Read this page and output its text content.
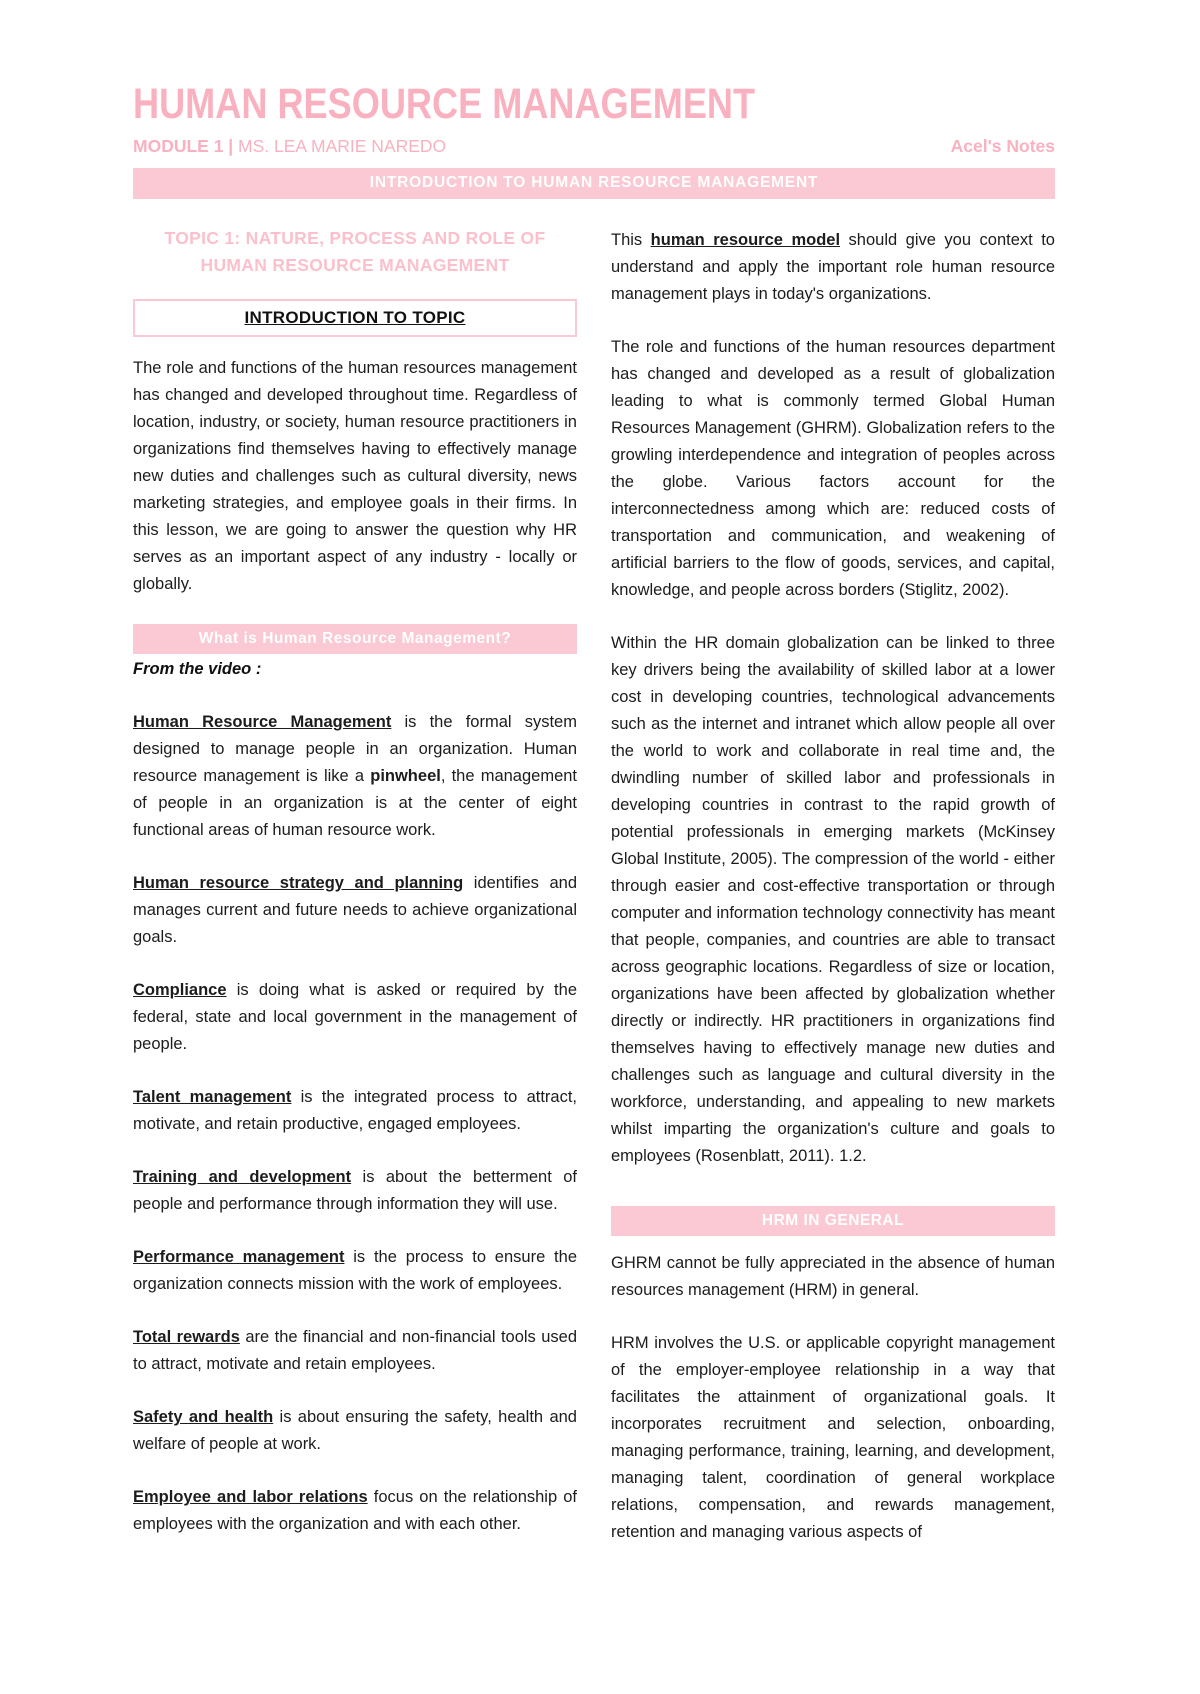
HUMAN RESOURCE MANAGEMENT
MODULE 1 | MS. LEA MARIE NAREDO	Acel's Notes
INTRODUCTION TO HUMAN RESOURCE MANAGEMENT
TOPIC 1: NATURE, PROCESS AND ROLE OF HUMAN RESOURCE MANAGEMENT
INTRODUCTION TO TOPIC

The role and functions of the human resources management has changed and developed throughout time. Regardless of location, industry, or society, human resource practitioners in organizations find themselves having to effectively manage new duties and challenges such as cultural diversity, news marketing strategies, and employee goals in their firms. In this lesson, we are going to answer the question why HR serves as an important aspect of any industry - locally or globally.

What is Human Resource Management?
From the video :

Human Resource Management is the formal system designed to manage people in an organization. Human resource management is like a pinwheel, the management of people in an organization is at the center of eight functional areas of human resource work.

Human resource strategy and planning identifies and manages current and future needs to achieve organizational goals.

Compliance is doing what is asked or required by the federal, state and local government in the management of people.

Talent management is the integrated process to attract, motivate, and retain productive, engaged employees.

Training and development is about the betterment of people and performance through information they will use.

Performance management is the process to ensure the organization connects mission with the work of employees.

Total rewards are the financial and non-financial tools used to attract, motivate and retain employees.

Safety and health is about ensuring the safety, health and welfare of people at work.

Employee and labor relations focus on the relationship of employees with the organization and with each other.

This human resource model should give you context to understand and apply the important role human resource management plays in today's organizations.

The role and functions of the human resources department has changed and developed as a result of globalization leading to what is commonly termed Global Human Resources Management (GHRM). Globalization refers to the growling interdependence and integration of peoples across the globe. Various factors account for the interconnectedness among which are: reduced costs of transportation and communication, and weakening of artificial barriers to the flow of goods, services, and capital, knowledge, and people across borders (Stiglitz, 2002).

Within the HR domain globalization can be linked to three key drivers being the availability of skilled labor at a lower cost in developing countries, technological advancements such as the internet and intranet which allow people all over the world to work and collaborate in real time and, the dwindling number of skilled labor and professionals in developing countries in contrast to the rapid growth of potential professionals in emerging markets (McKinsey Global Institute, 2005). The compression of the world - either through easier and cost-effective transportation or through computer and information technology connectivity has meant that people, companies, and countries are able to transact across geographic locations. Regardless of size or location, organizations have been affected by globalization whether directly or indirectly. HR practitioners in organizations find themselves having to effectively manage new duties and challenges such as language and cultural diversity in the workforce, understanding, and appealing to new markets whilst imparting the organization's culture and goals to employees (Rosenblatt, 2011). 1.2.

HRM IN GENERAL

GHRM cannot be fully appreciated in the absence of human resources management (HRM) in general.

HRM involves the U.S. or applicable copyright management of the employer-employee relationship in a way that facilitates the attainment of organizational goals. It incorporates recruitment and selection, onboarding, managing performance, training, learning, and development, managing talent, coordination of general workplace relations, compensation, and rewards management, retention and managing various aspects of
